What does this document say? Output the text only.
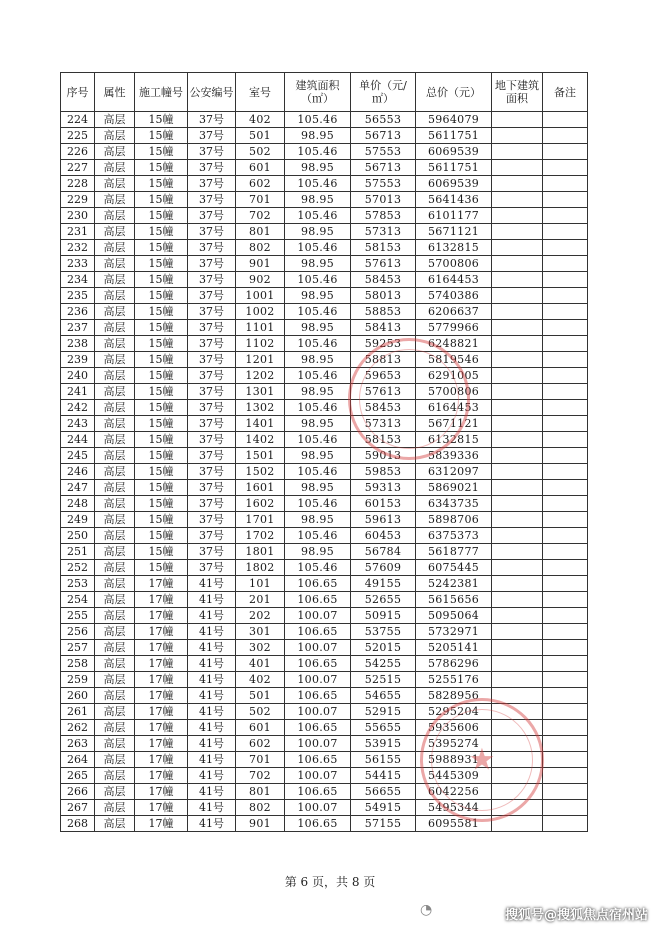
序号	属性	施工幢号	公安编号	室号	建筑面积（㎡）	单价（元/㎡）	总价（元）	地下建筑面积	备注
224	高层	15幢	37号	402	105.46	56553	5964079		
225	高层	15幢	37号	501	98.95	56713	5611751		
226	高层	15幢	37号	502	105.46	57553	6069539		
227	高层	15幢	37号	601	98.95	56713	5611751		
228	高层	15幢	37号	602	105.46	57553	6069539		
229	高层	15幢	37号	701	98.95	57013	5641436		
230	高层	15幢	37号	702	105.46	57853	6101177		
231	高层	15幢	37号	801	98.95	57313	5671121		
232	高层	15幢	37号	802	105.46	58153	6132815		
233	高层	15幢	37号	901	98.95	57613	5700806		
234	高层	15幢	37号	902	105.46	58453	6164453		
235	高层	15幢	37号	1001	98.95	58013	5740386		
236	高层	15幢	37号	1002	105.46	58853	6206637		
237	高层	15幢	37号	1101	98.95	58413	5779966		
238	高层	15幢	37号	1102	105.46	59253	6248821		
239	高层	15幢	37号	1201	98.95	58813	5819546		
240	高层	15幢	37号	1202	105.46	59653	6291005		
241	高层	15幢	37号	1301	98.95	57613	5700806		
242	高层	15幢	37号	1302	105.46	58453	6164453		
243	高层	15幢	37号	1401	98.95	57313	5671121		
244	高层	15幢	37号	1402	105.46	58153	6132815		
245	高层	15幢	37号	1501	98.95	59013	5839336		
246	高层	15幢	37号	1502	105.46	59853	6312097		
247	高层	15幢	37号	1601	98.95	59313	5869021		
248	高层	15幢	37号	1602	105.46	60153	6343735		
249	高层	15幢	37号	1701	98.95	59613	5898706		
250	高层	15幢	37号	1702	105.46	60453	6375373		
251	高层	15幢	37号	1801	98.95	56784	5618777		
252	高层	15幢	37号	1802	105.46	57609	6075445		
253	高层	17幢	41号	101	106.65	49155	5242381		
254	高层	17幢	41号	201	106.65	52655	5615656		
255	高层	17幢	41号	202	100.07	50915	5095064		
256	高层	17幢	41号	301	106.65	53755	5732971		
257	高层	17幢	41号	302	100.07	52015	5205141		
258	高层	17幢	41号	401	106.65	54255	5786296		
259	高层	17幢	41号	402	100.07	52515	5255176		
260	高层	17幢	41号	501	106.65	54655	5828956		
261	高层	17幢	41号	502	100.07	52915	5295204		
262	高层	17幢	41号	601	106.65	55655	5935606		
263	高层	17幢	41号	602	100.07	53915	5395274		
264	高层	17幢	41号	701	106.65	56155	5988931		
265	高层	17幢	41号	702	100.07	54415	5445309		
266	高层	17幢	41号	801	106.65	56655	6042256		
267	高层	17幢	41号	802	100.07	54915	5495344		
268	高层	17幢	41号	901	106.65	57155	6095581		
★
第 6 页，共 8 页
◔	搜狐号@搜狐焦点宿州站
